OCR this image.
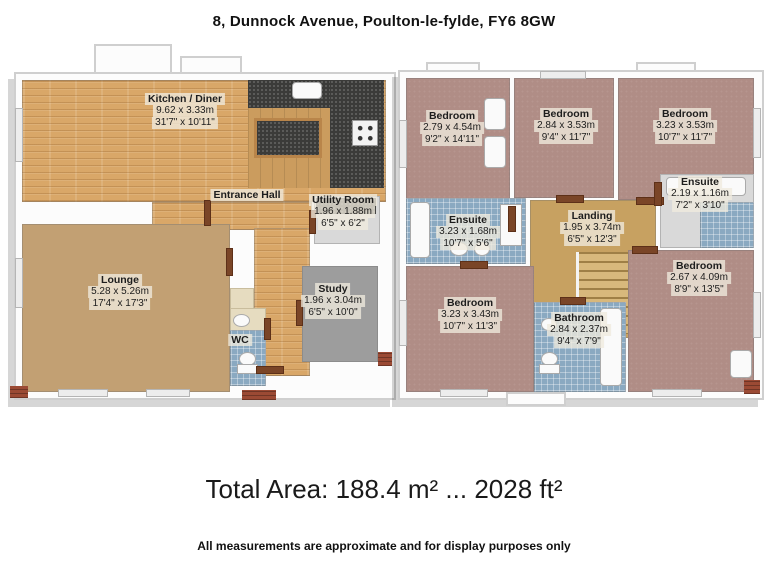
8, Dunnock Avenue, Poulton-le-fylde, FY6 8GW
Kitchen / Diner
9.62 x 3.33m
31'7" x 10'11"
Entrance Hall	Utility Room
1.96 x 1.88m
6'5" x 6'2"
Lounge
5.28 x 5.26m
17'4" x 17'3"
Study
1.96 x 3.04m
6'5" x 10'0"
WC
Bedroom
2.79 x 4.54m
9'2" x 14'11"
Bedroom
2.84 x 3.53m
9'4" x 11'7"
Bedroom
3.23 x 3.53m
10'7" x 11'7"
Ensuite
2.19 x 1.16m
7'2" x 3'10"
Ensuite
3.23 x 1.68m
10'7" x 5'6"
Landing
1.95 x 3.74m
6'5" x 12'3"
Bedroom
2.67 x 4.09m
8'9" x 13'5"
Bedroom
3.23 x 3.43m
10'7" x 11'3"
Bathroom
2.84 x 2.37m
9'4" x 7'9"
Total Area: 188.4 m² ... 2028 ft²
All measurements are approximate and for display purposes only
